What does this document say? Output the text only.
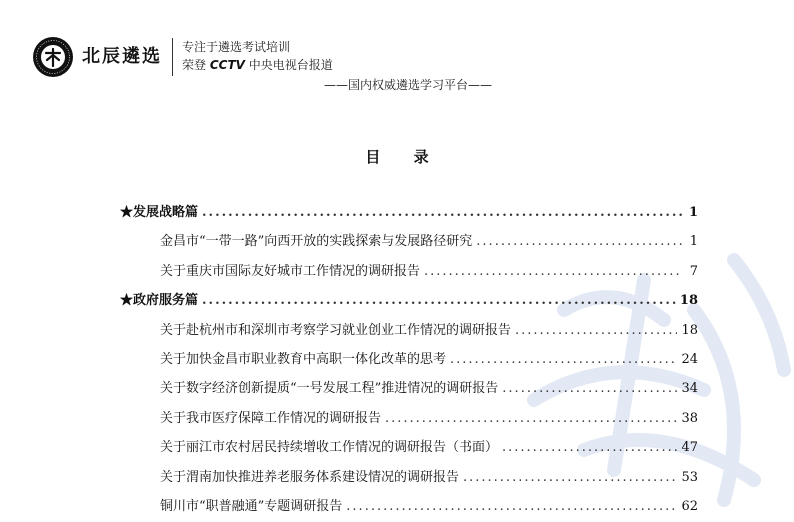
北辰遴选 专注于遴选考试培训
荣登 CCTV 中央电视台报道
——国内权威遴选学习平台——
目 录
★发展战略篇 .....	1
金昌市“一带一路”向西开放的实践探索与发展路径研究 .....	1
关于重庆市国际友好城市工作情况的调研报告 .....	7
★政府服务篇 .....	18
关于赴杭州市和深圳市考察学习就业创业工作情况的调研报告 .....	18
关于加快金昌市职业教育中高职一体化改革的思考 .....	24
关于数字经济创新提质“一号发展工程”推进情况的调研报告 .....	34
关于我市医疗保障工作情况的调研报告 .....	38
关于丽江市农村居民持续增收工作情况的调研报告（书面） .....	47
关于渭南加快推进养老服务体系建设情况的调研报告 .....	53
铜川市“职普融通”专题调研报告 .....	62
